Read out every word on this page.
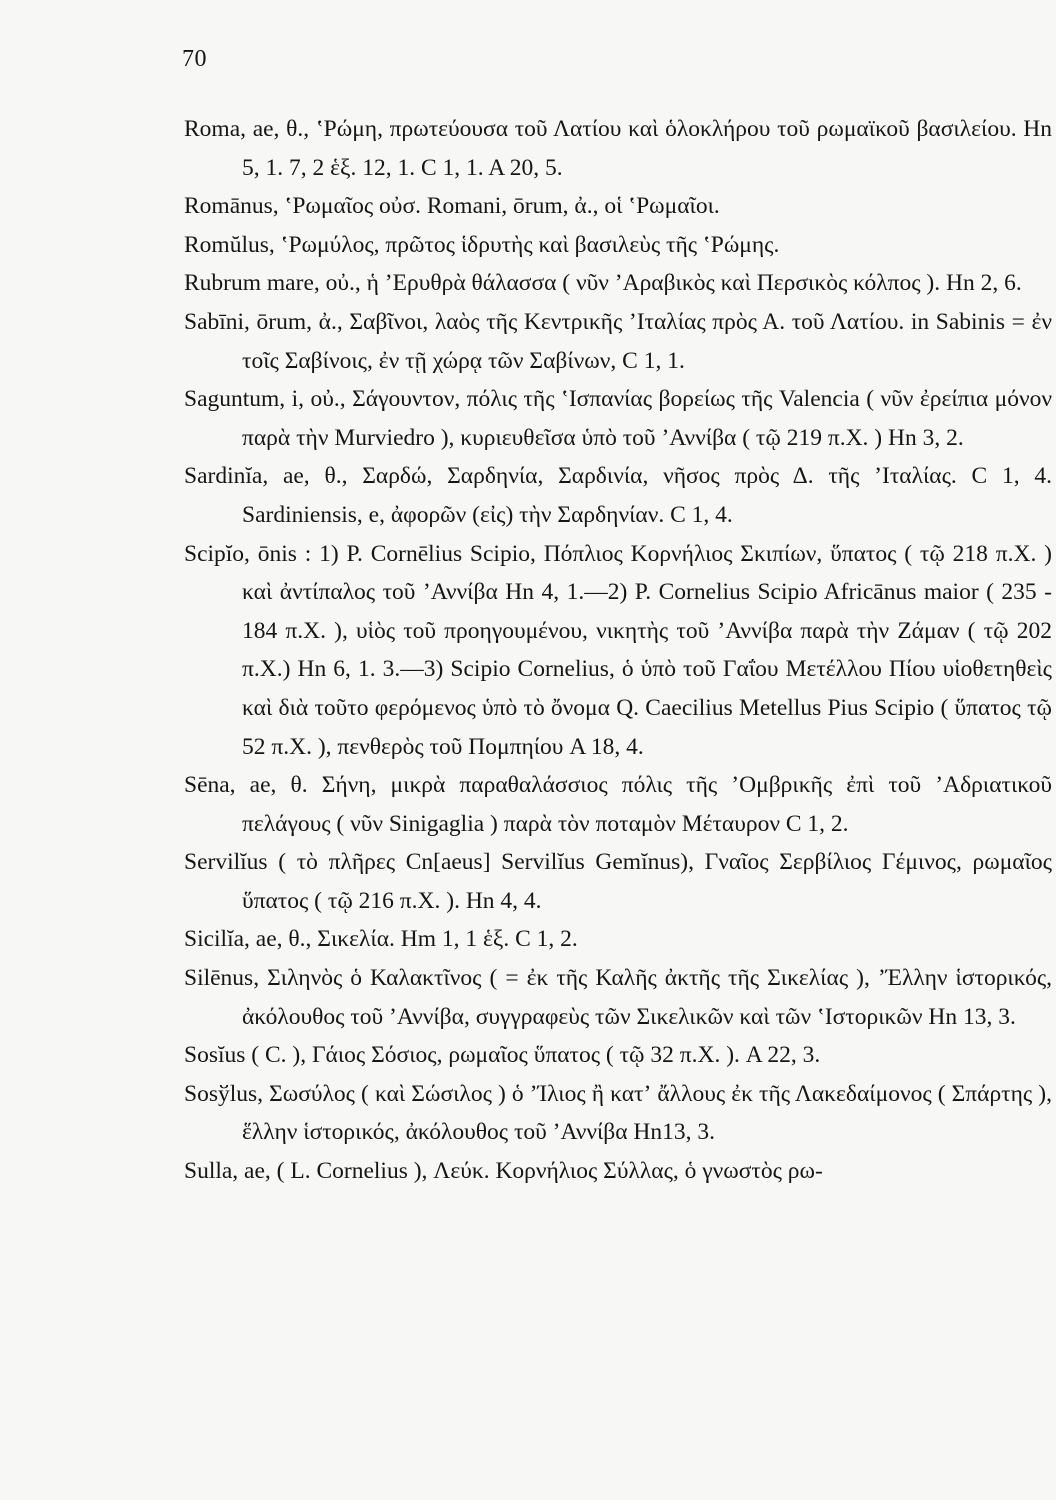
70

Roma, ae, θ., ʽΡώμη, πρωτεύουσα τοῦ Λατίου καὶ ὁλοκλήρου τοῦ ρωμαϊκοῦ βασιλείου. Hn 5, 1. 7, 2 ἑξ. 12, 1. C 1, 1. A 20, 5.

Romānus, ʽΡωμαῖος οὐσ. Romani, ōrum, ἀ., οἱ ʽΡωμαῖοι.

Romŭlus, ʽΡωμύλος, πρῶτος ἱδρυτὴς καὶ βασιλεὺς τῆς ʽΡώμης.

Rubrum mare, οὐ., ἡ ʼΕρυθρὰ θάλασσα ( νῦν ʼΑραβικὸς καὶ Περσικὸς κόλπος ). Hn 2, 6.

Sabīni, ōrum, ἀ., Σαβῖνοι, λαὸς τῆς Κεντρικῆς ʼΙταλίας πρὸς Α. τοῦ Λατίου. in Sabinis = ἐν τοῖς Σαβίνοις, ἐν τῇ χώρᾳ τῶν Σαβίνων, C 1, 1.

Saguntum, i, οὐ., Σάγουντον, πόλις τῆς ʽΙσπανίας βορείως τῆς Valencia ( νῦν ἐρείπια μόνον παρὰ τὴν Murviedro ), κυριευθεῖσα ὑπὸ τοῦ ʼΑννίβα ( τῷ 219 π.Χ. ) Hn 3, 2.

Sardinĭa, ae, θ., Σαρδώ, Σαρδηνία, Σαρδινία, νῆσος πρὸς Δ. τῆς ʼΙταλίας. C 1, 4. Sardiniensis, e, ἀφορῶν (εἰς) τὴν Σαρδηνίαν. C 1, 4.

Scipĭo, ōnis : 1) P. Cornēlius Scipio, Πόπλιος Κορνήλιος Σκιπίων, ὕπατος ( τῷ 218 π.Χ. ) καὶ ἀντίπαλος τοῦ ʼΑννίβα Hn 4, 1.—2) P. Cornelius Scipio Africānus maior ( 235 - 184 π.Χ. ), υἱὸς τοῦ προηγουμένου, νικητὴς τοῦ ʼΑννίβα παρὰ τὴν Ζάμαν ( τῷ 202 π.Χ.) Hn 6, 1. 3.—3) Scipio Cornelius, ὁ ὑπὸ τοῦ Γαΐου Μετέλλου Πίου υἱοθετηθεὶς καὶ διὰ τοῦτο φερόμενος ὑπὸ τὸ ὄνομα Q. Caecilius Metellus Pius Scipio ( ὕπατος τῷ 52 π.Χ. ), πενθερὸς τοῦ Πομπηίου A 18, 4.

Sēna, ae, θ. Σήνη, μικρὰ παραθαλάσσιος πόλις τῆς ʼΟμβρικῆς ἐπὶ τοῦ ʼΑδριατικοῦ πελάγους ( νῦν Sinigaglia ) παρὰ τὸν ποταμὸν Μέταυρον C 1, 2.

Servilĭus ( τὸ πλῆρες Cn[aeus] Servilĭus Gemĭnus), Γναῖος Σερβίλιος Γέμινος, ρωμαῖος ὕπατος ( τῷ 216 π.Χ. ). Hn 4, 4.

Sicilĭa, ae, θ., Σικελία. Hm 1, 1 ἑξ. C 1, 2.

Silēnus, Σιληνὸς ὁ Καλακτῖνος ( = ἐκ τῆς Καλῆς ἀκτῆς τῆς Σικελίας ), ʼΈλλην ἱστορικός, ἀκόλουθος τοῦ ʼΑννίβα, συγγραφεὺς τῶν Σικελικῶν καὶ τῶν ʽΙστορικῶν Hn 13, 3.

Sosĭus ( C. ), Γάιος Σόσιος, ρωμαῖος ὕπατος ( τῷ 32 π.Χ. ). A 22, 3.

Sosўlus, Σωσύλος ( καὶ Σώσιλος ) ὁ ʼΊλιος ἢ κατʼ ἄλλους ἐκ τῆς Λακεδαίμονος ( Σπάρτης ), ἕλλην ἱστορικός, ἀκόλουθος τοῦ ʼΑννίβα Hn13, 3.

Sulla, ae, ( L. Cornelius ), Λεύκ. Κορνήλιος Σύλλας, ὁ γνωστὸς ρω-
